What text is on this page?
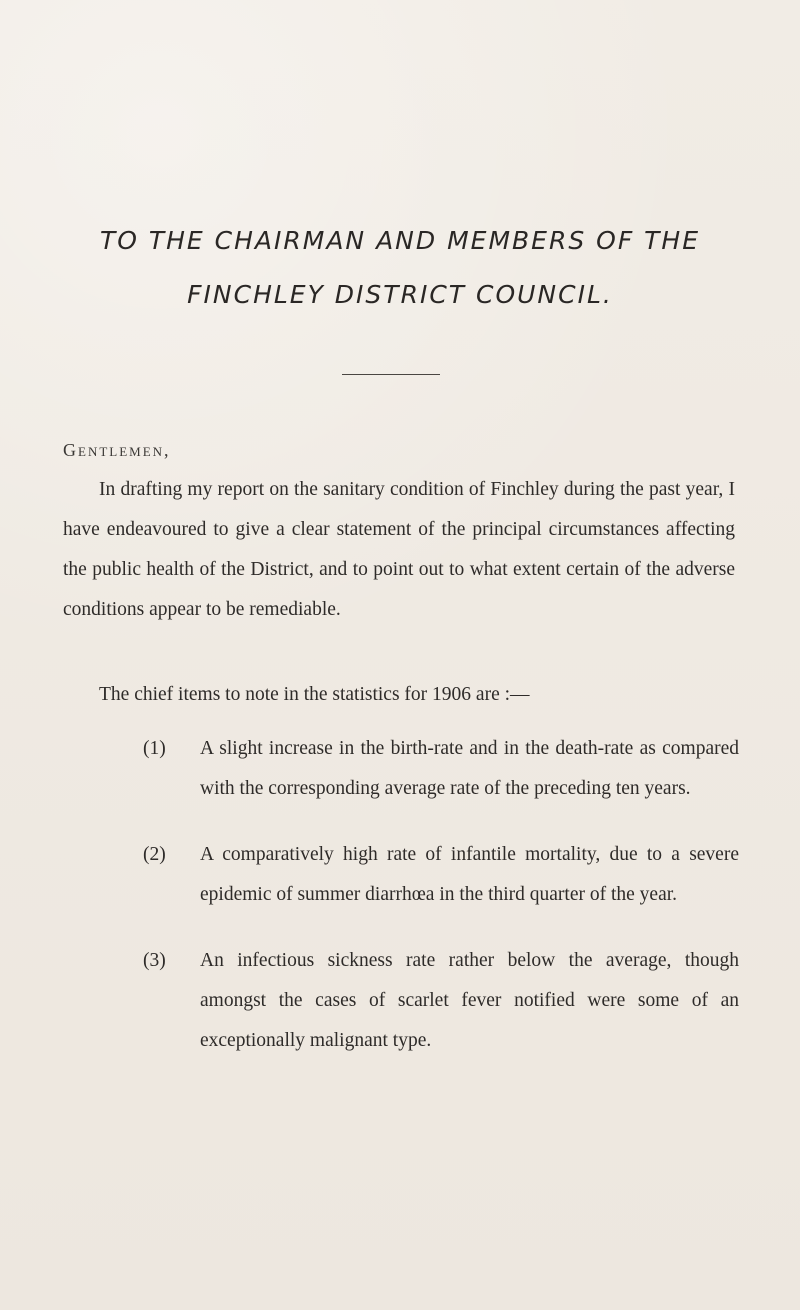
TO THE CHAIRMAN AND MEMBERS OF THE
FINCHLEY DISTRICT COUNCIL.
Gentlemen,
In drafting my report on the sanitary condition of Finchley during the past year, I have endeavoured to give a clear statement of the principal circumstances affecting the public health of the District, and to point out to what extent certain of the adverse conditions appear to be remediable.
The chief items to note in the statistics for 1906 are :—
(1) A slight increase in the birth-rate and in the death-rate as compared with the corresponding average rate of the preceding ten years.
(2) A comparatively high rate of infantile mortality, due to a severe epidemic of summer diarrhœa in the third quarter of the year.
(3) An infectious sickness rate rather below the average, though amongst the cases of scarlet fever notified were some of an exceptionally malignant type.
